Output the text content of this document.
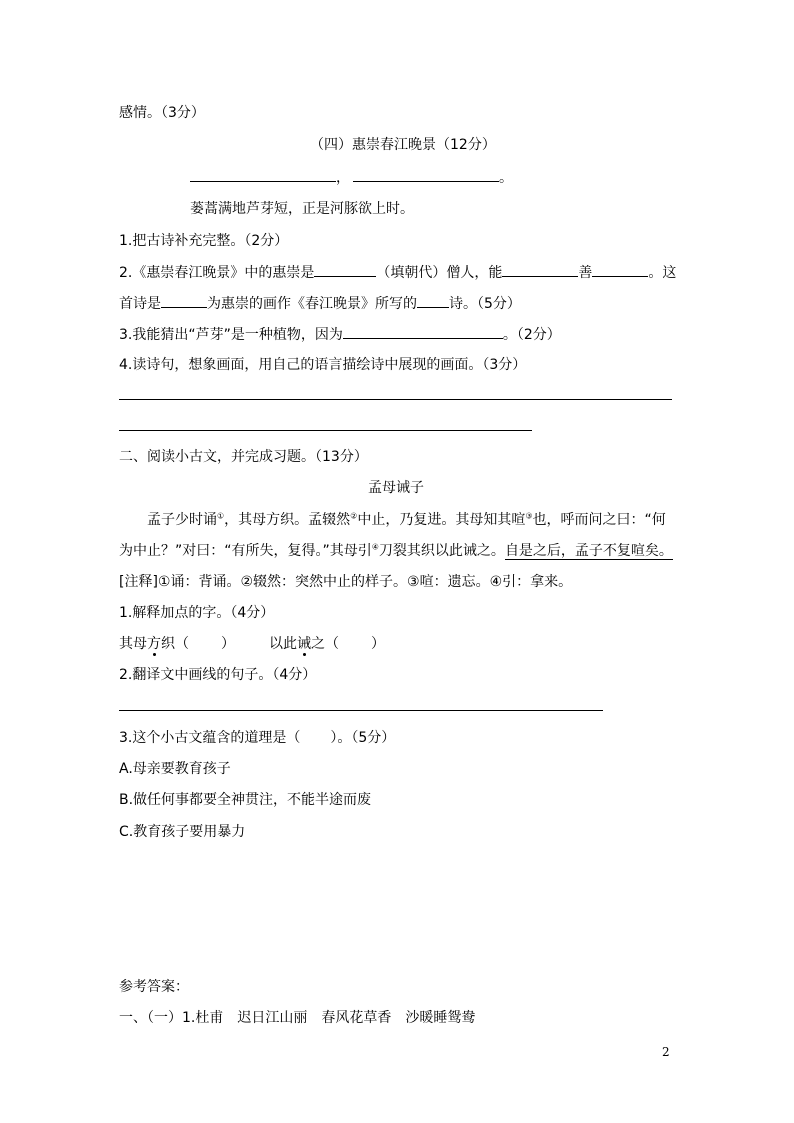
感情。（3分）
（四）惠崇春江晚景（12分）
，	。
蒌蒿满地芦芽短，正是河豚欲上时。
1.把古诗补充完整。（2分）
2.《惠崇春江晚景》中的惠崇是	（填朝代）僧人，能	善	。这
首诗是	为惠崇的画作《春江晚景》所写的 诗。（5分）
3.我能猜出“芦芽”是一种植物，因为	。（2分）
4.读诗句，想象画面，用自己的语言描绘诗中展现的画面。（3分）
二、阅读小古文，并完成习题。（13分）
孟母诫子
孟子少时诵①，其母方织。孟辍然②中止，乃复进。其母知其喧③也，呼而问之曰：“何
为中止？”对曰：“有所失，复得。”其母引④刀裂其织以此诫之。自是之后，孟子不复喧矣。
[注释]①诵：背诵。②辍然：突然中止的样子。③喧：遗忘。④引：拿来。
1.解释加点的字。（4分）
其母方织（ ） 以此诫之（ ）
2.翻译文中画线的句子。（4分）
3.这个小古文蕴含的道理是（ ）。（5分）
A.母亲要教育孩子
B.做任何事都要全神贯注，不能半途而废
C.教育孩子要用暴力
参考答案：
一、（一）1.杜甫　迟日江山丽　春风花草香　沙暖睡鸳鸯
2
